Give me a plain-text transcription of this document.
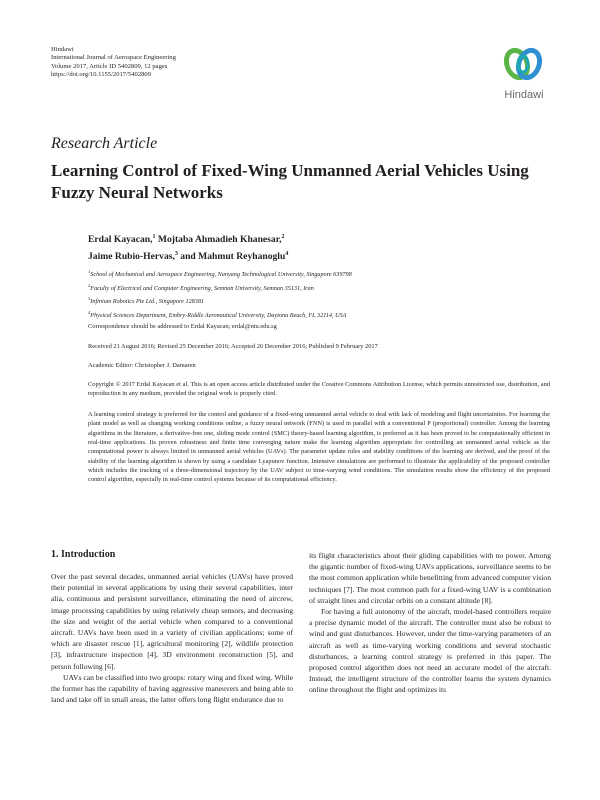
Hindawi
International Journal of Aerospace Engineering
Volume 2017, Article ID 5402809, 12 pages
https://doi.org/10.1155/2017/5402809
Hindawi
Research Article
Learning Control of Fixed-Wing Unmanned Aerial Vehicles Using Fuzzy Neural Networks
Erdal Kayacan,$^1$ Mojtaba Ahmadieh Khanesar,$^2$
Jaime Rubio-Hervas,$^3$ and Mahmut Reyhanoglu$^4$
$^1$School of Mechanical and Aerospace Engineering, Nanyang Technological University, Singapore 639798
$^2$Faculty of Electrical and Computer Engineering, Semnan University, Semnan 35131, Iran
$^3$Infinium Robotics Pte Ltd., Singapore 128381
$^4$Physical Sciences Department, Embry-Riddle Aeronautical University, Daytona Beach, FL 32114, USA
Correspondence should be addressed to Erdal Kayacan; erdal@ntu.edu.sg
Received 21 August 2016; Revised 25 December 2016; Accepted 26 December 2016; Published 9 February 2017
Academic Editor: Christopher J. Damaren
Copyright © 2017 Erdal Kayacan et al. This is an open access article distributed under the Creative Commons Attribution License, which permits unrestricted use, distribution, and reproduction in any medium, provided the original work is properly cited.
A learning control strategy is preferred for the control and guidance of a fixed-wing unmanned aerial vehicle to deal with lack of modeling and flight uncertainties. For learning the plant model as well as changing working conditions online, a fuzzy neural network (FNN) is used in parallel with a conventional P (proportional) controller. Among the learning algorithms in the literature, a derivative-free one, sliding mode control (SMC) theory-based learning algorithm, is preferred as it has been proved to be computationally efficient in real-time applications. Its proven robustness and finite time converging nature make the learning algorithm appropriate for controlling an unmanned aerial vehicle as the computational power is always limited in unmanned aerial vehicles (UAVs). The parameter update rules and stability conditions of the learning are derived, and the proof of the stability of the learning algorithm is shown by using a candidate Lyapunov function. Intensive simulations are performed to illustrate the applicability of the proposed controller which includes the tracking of a three-dimensional trajectory by the UAV subject to time-varying wind conditions. The simulation results show the efficiency of the proposed control algorithm, especially in real-time control systems because of its computational efficiency.
1. Introduction

Over the past several decades, unmanned aerial vehicles (UAVs) have proved their potential in several applications by using their several capabilities, inter alia, continuous and persistent surveillance, eliminating the need of aircrew, image processing capabilities by using relatively cheap sensors, and decreasing the size and weight of the aerial vehicle when compared to a conventional aircraft. UAVs have been used in a variety of civilian applications; some of which are disaster rescue [1], agricultural monitoring [2], wildlife protection [3], infrastructure inspection [4], 3D environment reconstruction [5], and person following [6].

UAVs can be classified into two groups: rotary wing and fixed wing. While the former has the capability of having aggressive maneuvers and being able to land and take off in small areas, the latter offers long flight endurance due to

its flight characteristics about their gliding capabilities with no power. Among the gigantic number of fixed-wing UAVs applications, surveillance seems to be the most common application while benefitting from advanced computer vision techniques [7]. The most common path for a fixed-wing UAV is a combination of straight lines and circular orbits on a constant altitude [8].

For having a full autonomy of the aircraft, model-based controllers require a precise dynamic model of the aircraft. The controller must also be robust to wind and gust disturbances. However, under the time-varying parameters of an aircraft as well as time-varying working conditions and several stochastic disturbances, a learning control strategy is preferred in this paper. The proposed control algorithm does not need an accurate model of the aircraft. Instead, the intelligent structure of the controller learns the system dynamics online throughout the flight and optimizes its
